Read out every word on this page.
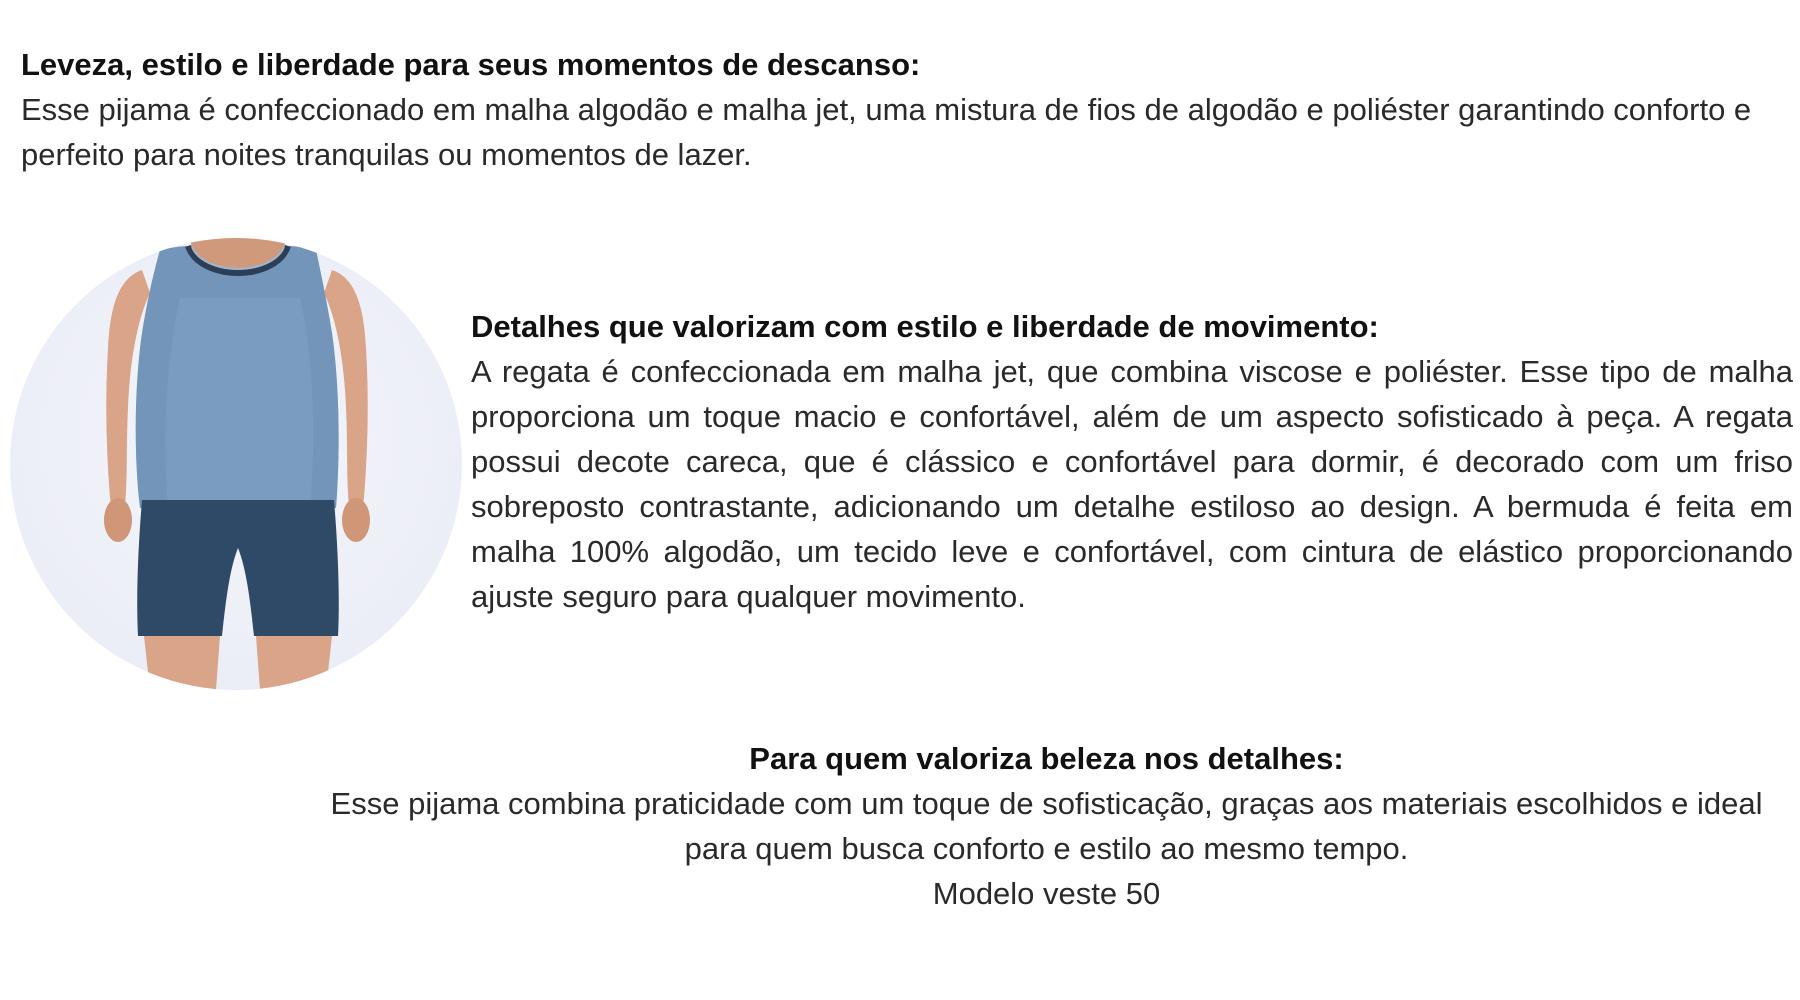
Leveza, estilo e liberdade para seus momentos de descanso:

Esse pijama é confeccionado em malha algodão e malha jet, uma mistura de fios de algodão e poliéster garantindo conforto e perfeito para noites tranquilas ou momentos de lazer.

Detalhes que valorizam com estilo e liberdade de movimento:

A regata é confeccionada em malha jet, que combina viscose e poliéster. Esse tipo de malha proporciona um toque macio e confortável, além de um aspecto sofisticado à peça. A regata possui decote careca, que é clássico e confortável para dormir, é decorado com um friso sobreposto contrastante, adicionando um detalhe estiloso ao design. A bermuda é feita em malha 100% algodão, um tecido leve e confortável, com cintura de elástico proporcionando ajuste seguro para qualquer movimento.

Para quem valoriza beleza nos detalhes:

Esse pijama combina praticidade com um toque de sofisticação, graças aos materiais escolhidos e ideal para quem busca conforto e estilo ao mesmo tempo.

Modelo veste 50
